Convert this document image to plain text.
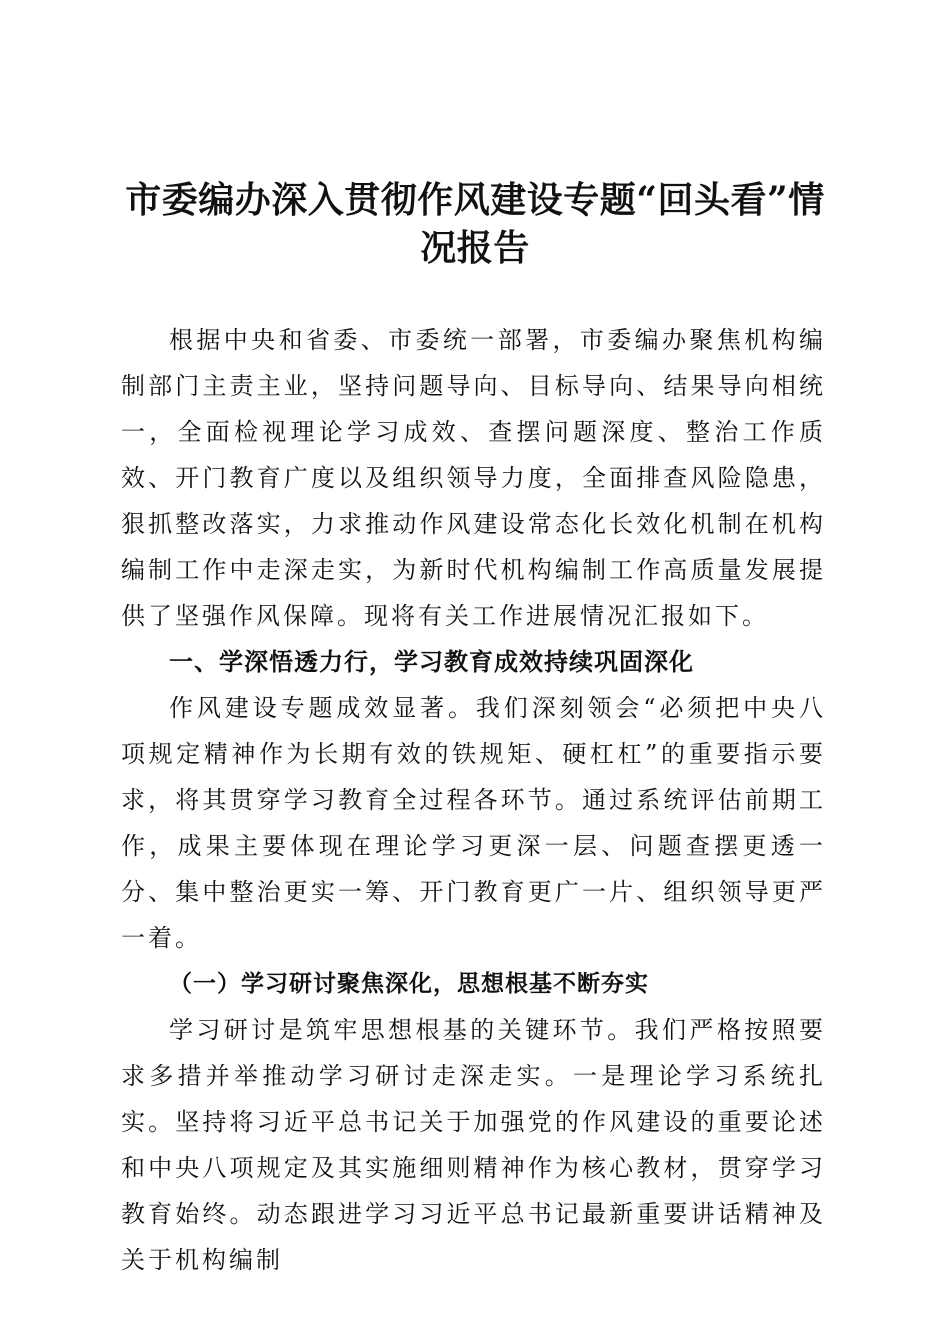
市委编办深入贯彻作风建设专题“回头看”情况报告

根据中央和省委、市委统一部署，市委编办聚焦机构编制部门主责主业，坚持问题导向、目标导向、结果导向相统一，全面检视理论学习成效、查摆问题深度、整治工作质效、开门教育广度以及组织领导力度，全面排查风险隐患，狠抓整改落实，力求推动作风建设常态化长效化机制在机构编制工作中走深走实，为新时代机构编制工作高质量发展提供了坚强作风保障。现将有关工作进展情况汇报如下。

一、学深悟透力行，学习教育成效持续巩固深化

作风建设专题成效显著。我们深刻领会“必须把中央八项规定精神作为长期有效的铁规矩、硬杠杠”的重要指示要求，将其贯穿学习教育全过程各环节。通过系统评估前期工作，成果主要体现在理论学习更深一层、问题查摆更透一分、集中整治更实一筹、开门教育更广一片、组织领导更严一着。

（一）学习研讨聚焦深化，思想根基不断夯实

学习研讨是筑牢思想根基的关键环节。我们严格按照要求多措并举推动学习研讨走深走实。一是理论学习系统扎实。坚持将习近平总书记关于加强党的作风建设的重要论述和中央八项规定及其实施细则精神作为核心教材，贯穿学习教育始终。动态跟进学习习近平总书记最新重要讲话精神及关于机构编制
